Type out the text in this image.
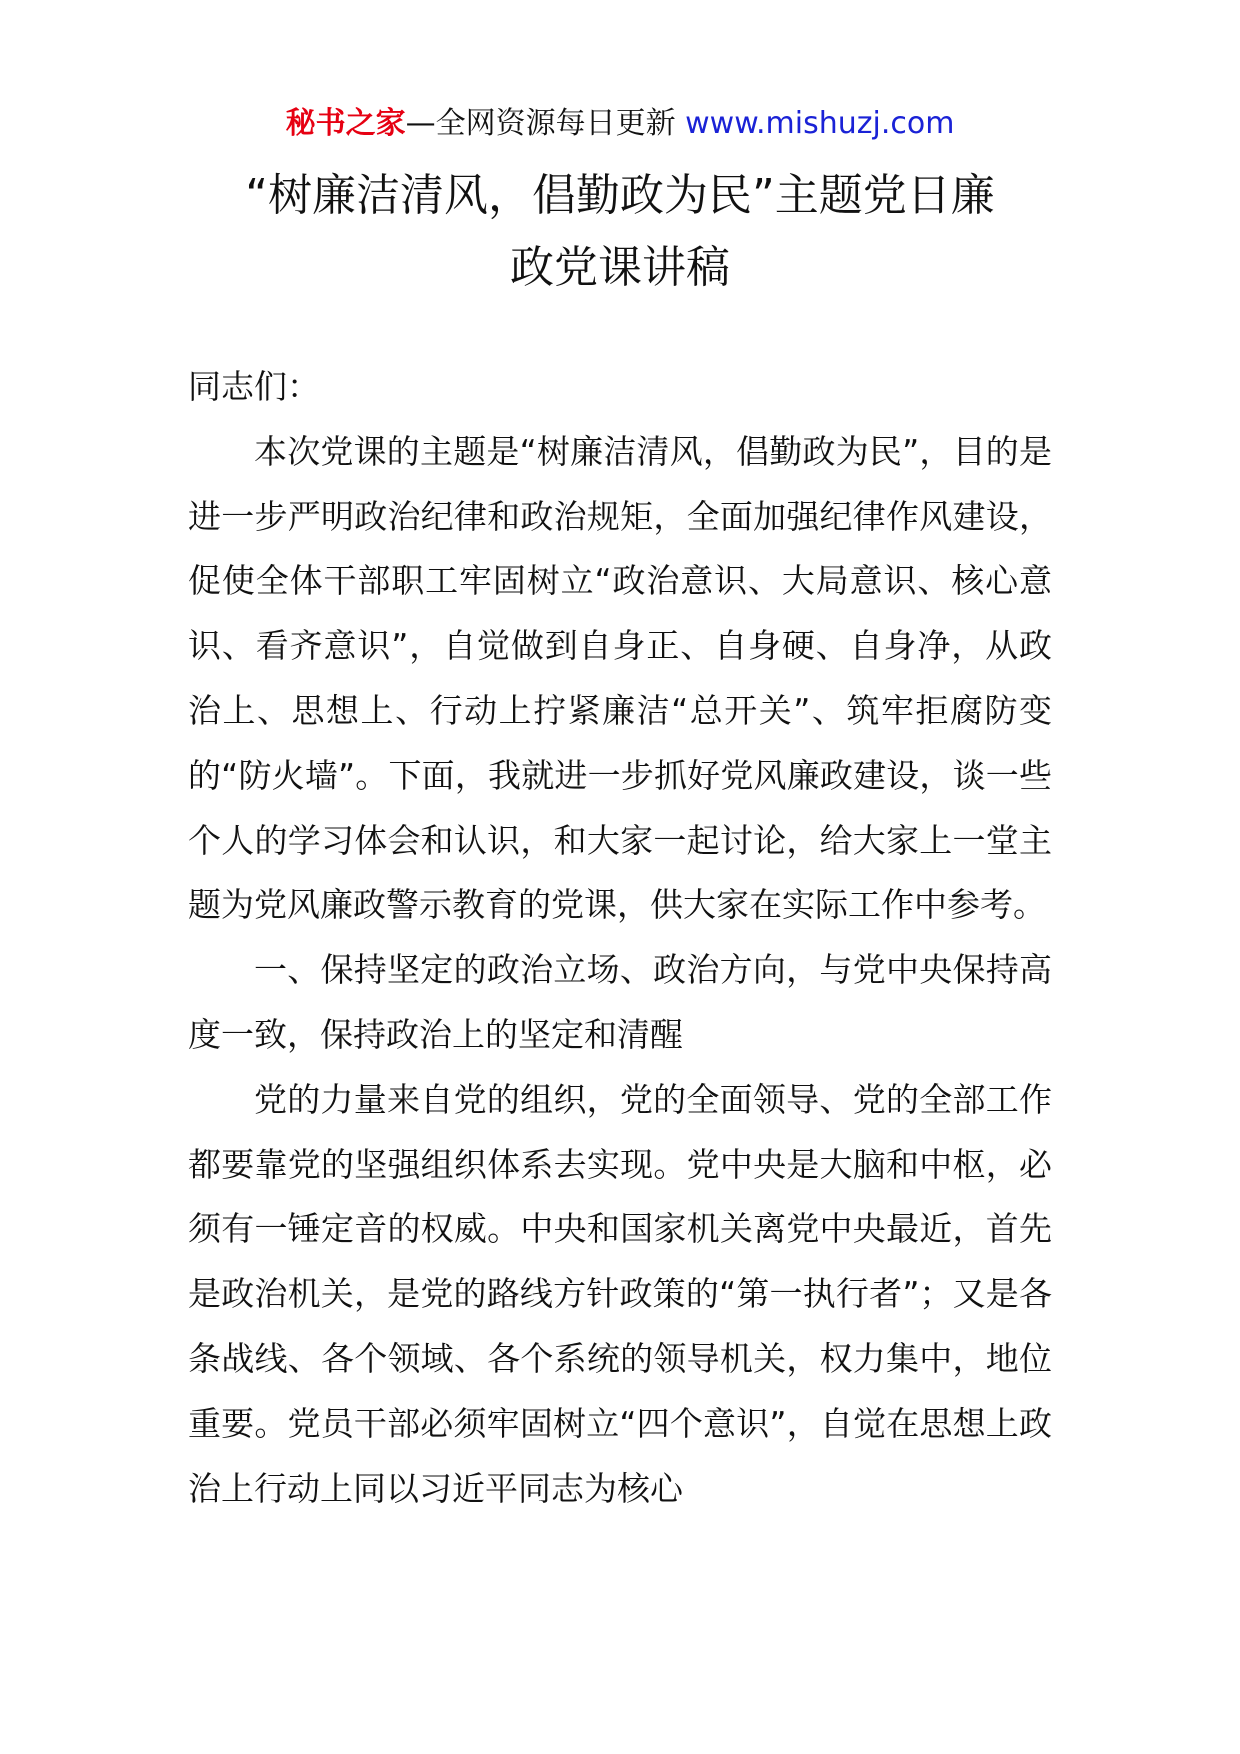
秘书之家—全网资源每日更新 www.mishuzj.com
“树廉洁清风，倡勤政为民”主题党日廉
政党课讲稿

同志们：

本次党课的主题是“树廉洁清风，倡勤政为民”，目的是进一步严明政治纪律和政治规矩，全面加强纪律作风建设，促使全体干部职工牢固树立“政治意识、大局意识、核心意识、看齐意识”，自觉做到自身正、自身硬、自身净，从政治上、思想上、行动上拧紧廉洁“总开关”、筑牢拒腐防变的“防火墙”。下面，我就进一步抓好党风廉政建设，谈一些个人的学习体会和认识，和大家一起讨论，给大家上一堂主题为党风廉政警示教育的党课，供大家在实际工作中参考。

一、保持坚定的政治立场、政治方向，与党中央保持高度一致，保持政治上的坚定和清醒

党的力量来自党的组织，党的全面领导、党的全部工作都要靠党的坚强组织体系去实现。党中央是大脑和中枢，必须有一锤定音的权威。中央和国家机关离党中央最近，首先是政治机关，是党的路线方针政策的“第一执行者”；又是各条战线、各个领域、各个系统的领导机关，权力集中，地位重要。党员干部必须牢固树立“四个意识”，自觉在思想上政治上行动上同以习近平同志为核心
